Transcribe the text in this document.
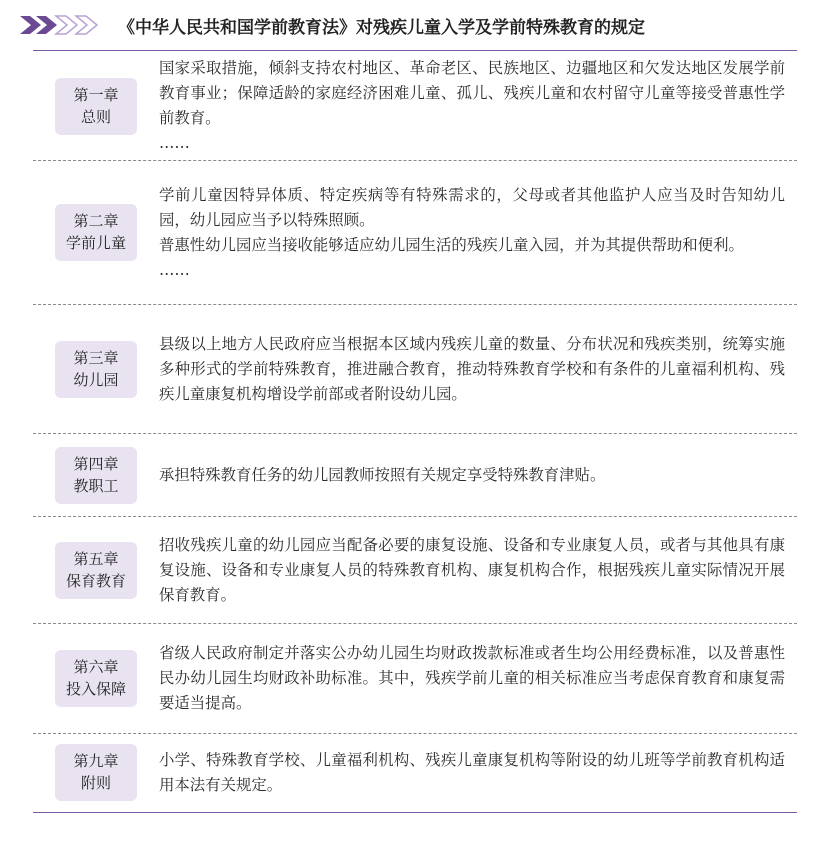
《中华人民共和国学前教育法》对残疾儿童入学及学前特殊教育的规定
第一章
总则

国家采取措施，倾斜支持农村地区、革命老区、民族地区、边疆地区和欠发达地区发展学前教育事业；保障适龄的家庭经济困难儿童、孤儿、残疾儿童和农村留守儿童等接受普惠性学前教育。

……

第二章
学前儿童

学前儿童因特异体质、特定疾病等有特殊需求的，父母或者其他监护人应当及时告知幼儿园，幼儿园应当予以特殊照顾。

普惠性幼儿园应当接收能够适应幼儿园生活的残疾儿童入园，并为其提供帮助和便利。

……

第三章
幼儿园

县级以上地方人民政府应当根据本区域内残疾儿童的数量、分布状况和残疾类别，统筹实施多种形式的学前特殊教育，推进融合教育，推动特殊教育学校和有条件的儿童福利机构、残疾儿童康复机构增设学前部或者附设幼儿园。

第四章
教职工

承担特殊教育任务的幼儿园教师按照有关规定享受特殊教育津贴。

第五章
保育教育

招收残疾儿童的幼儿园应当配备必要的康复设施、设备和专业康复人员，或者与其他具有康复设施、设备和专业康复人员的特殊教育机构、康复机构合作，根据残疾儿童实际情况开展保育教育。

第六章
投入保障

省级人民政府制定并落实公办幼儿园生均财政拨款标准或者生均公用经费标准，以及普惠性民办幼儿园生均财政补助标准。其中，残疾学前儿童的相关标准应当考虑保育教育和康复需要适当提高。

第九章
附则

小学、特殊教育学校、儿童福利机构、残疾儿童康复机构等附设的幼儿班等学前教育机构适用本法有关规定。
